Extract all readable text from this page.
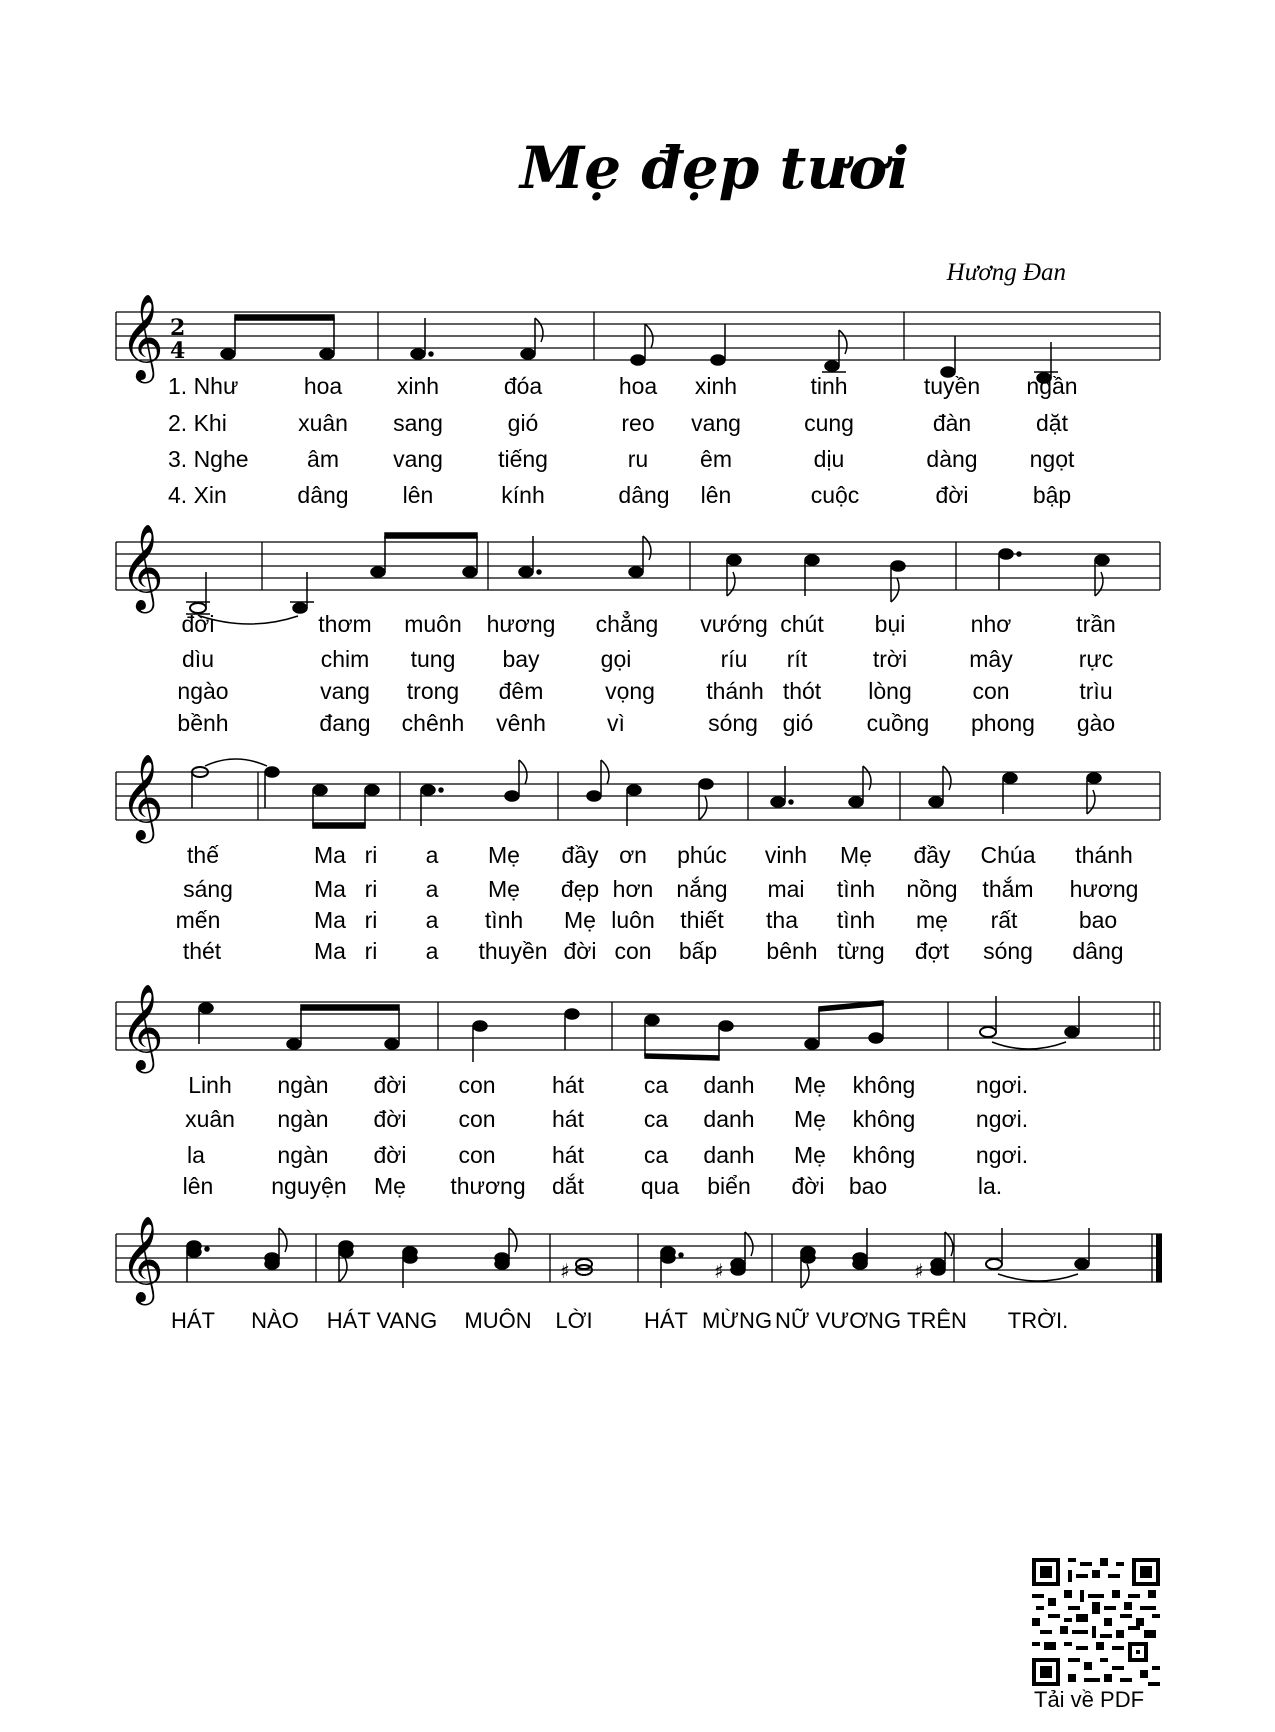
Mẹ đẹp tươi
Hương Đan
𝄞 2
4
1. Như	hoa xinh	đóa	hoa xinh	tinh	tuyền ngần
2. Khi	xuân sang	gió	reo vang	cung	đàn	dặt
3. Nghe	âm vang tiếng	ru êm	dịu	dàng ngọt
4. Xin	dâng lên	kính	dâng lên	cuộc	đời	bập
𝄞
đời	thơm muôn hương chẳng vướng chút bụi	nhơ	trần
dìu	chim tung bay	gọi	ríu rít	trời	mây	rực
ngào	vang trong đêm	vọng thánh thót lòng	con	trìu
bềnh	đang chênh vênh	vì	sóng gió cuồng phong gào
𝄞
thế	Ma ri a Mẹ đầy ơn phúc vinh Mẹ đầy Chúa thánh
sáng	Ma ri a Mẹ đẹp hơn nắng mai tình nồng thắm hương
mến	Ma ri a tình Mẹ luôn thiết tha tình mẹ rất	bao
thét	Ma ri a thuyền đời con bấp bênh từng đợt sóng dâng
𝄞
Linh ngàn đời con hát	ca danh Mẹ không	ngơi.
xuân ngàn đời con hát	ca danh Mẹ không	ngơi.
la	ngàn đời con hát	ca danh Mẹ không	ngơi.
lên	nguyện Mẹ thương dắt qua biển đời bao	la.
𝄞	♯	♯	♯
HÁT NÀO HÁT VANG MUÔN LỜI HÁT MỪNG NỮ VƯƠNG TRÊN TRỜI.
Tải về PDF
